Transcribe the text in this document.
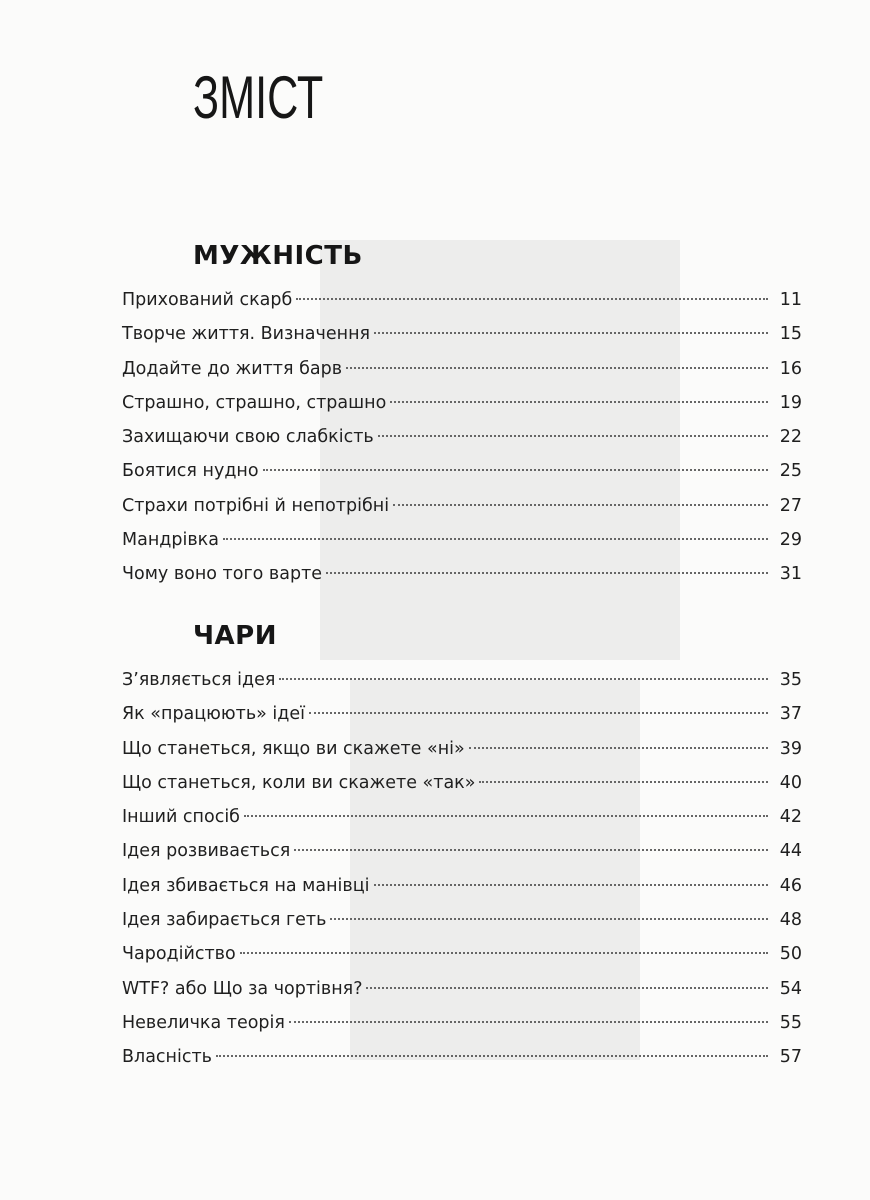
ЗМІСТ
МУЖНІСТЬ
Прихований скарб	11
Творче життя. Визначення	15
Додайте до життя барв	16
Страшно, страшно, страшно	19
Захищаючи свою слабкість	22
Боятися нудно	25
Страхи потрібні й непотрібні	27
Мандрівка	29
Чому воно того варте	31
ЧАРИ
З’являється ідея	35
Як «працюють» ідеї	37
Що станеться, якщо ви скажете «ні»	39
Що станеться, коли ви скажете «так»	40
Інший спосіб	42
Ідея розвивається	44
Ідея збивається на манівці	46
Ідея забирається геть	48
Чародійство	50
WTF? або Що за чортівня?	54
Невеличка теорія	55
Власність	57
